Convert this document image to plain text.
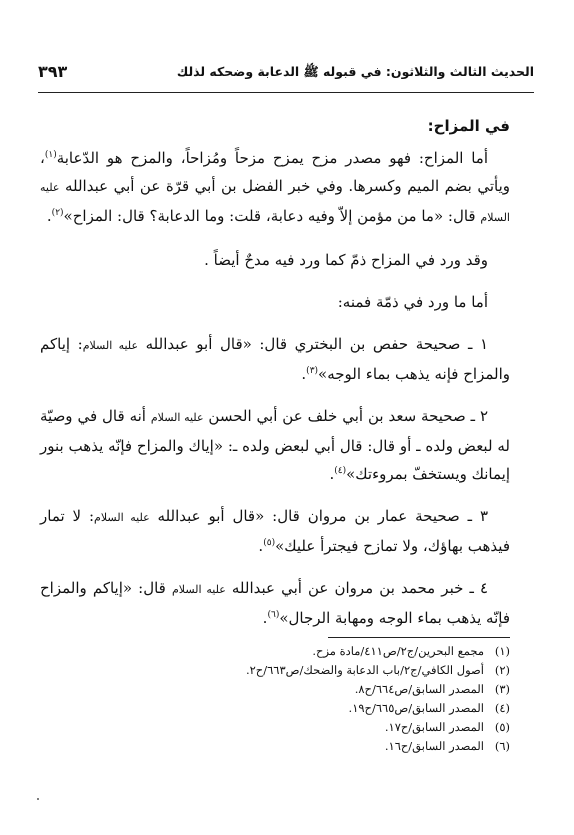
الحديث الثالث والثلاثون: في قبوله ﷺ الدعابة وضحكه لذلك
٣٩٣
في المزاح:

أما المزاح: فهو مصدر مزح يمزح مزحاً ومُزاحاً، والمزح هو الدّعابة$^{(١)}$، ويأتي بضم الميم وكسرها. وفي خبر الفضل بن أبي قرّة عن أبي عبدالله عليه السلام قال: «ما من مؤمن إلاّ وفيه دعابة، قلت: وما الدعابة؟ قال: المزاح»$^{(٢)}$.

وقد ورد في المزاح ذمّ كما ورد فيه مدحٌ أيضاً .

أما ما ورد في ذمّة فمنه:

١ ـ صحيحة حفص بن البختري قال: «قال أبو عبدالله عليه السلام: إياكم والمزاح فإنه يذهب بماء الوجه»$^{(٣)}$.

٢ ـ صحيحة سعد بن أبي خلف عن أبي الحسن عليه السلام أنه قال في وصيّة له لبعض ولده ـ أو قال: قال أبي لبعض ولده ـ: «إياك والمزاح فإنّه يذهب بنور إيمانك ويستخفّ بمروءتك»$^{(٤)}$.

٣ ـ صحيحة عمار بن مروان قال: «قال أبو عبدالله عليه السلام: لا تمار فيذهب بهاؤك، ولا تمازح فيجترأ عليك»$^{(٥)}$.

٤ ـ خبر محمد بن مروان عن أبي عبدالله عليه السلام قال: «إياكم والمزاح فإنّه يذهب بماء الوجه ومهابة الرجال»$^{(٦)}$.

(١)مجمع البحرين/ج٢/ص٤١١/مادة مزح.
(٢)أصول الكافي/ج٢/باب الدعابة والضحك/ص٦٦٣/ح٢.
(٣)المصدر السابق/ص٦٦٤/ح٨.
(٤)المصدر السابق/ص٦٦٥/ح١٩.
(٥)المصدر السابق/ح١٧.
(٦)المصدر السابق/ح١٦.
